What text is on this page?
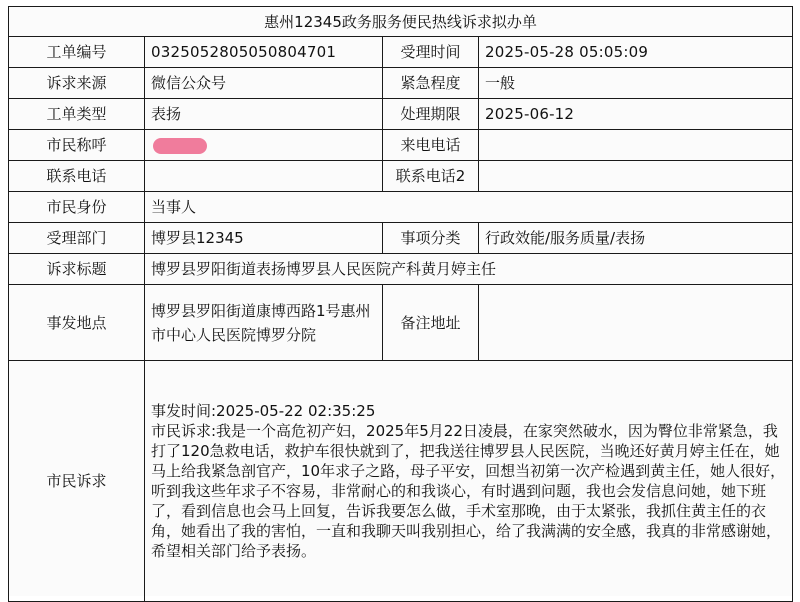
惠州12345政务服务便民热线诉求拟办单			
工单编号	0325052805050804701	受理时间	2025-05-28 05:05:09
诉求来源	微信公众号	紧急程度	一般
工单类型	表扬	处理期限	2025-06-12
市民称呼		来电电话	
联系电话		联系电话2	
市民身份	当事人		
受理部门	博罗县12345	事项分类	行政效能/服务质量/表扬
诉求标题	博罗县罗阳街道表扬博罗县人民医院产科黄月婷主任		
事发地点	博罗县罗阳街道康博西路1号惠州市中心人民医院博罗分院	备注地址	
市民诉求	事发时间:2025-05-22 02:35:25
市民诉求:我是一个高危初产妇，2025年5月22日凌晨，在家突然破水，因为臀位非常紧急，我打了120急救电话，救护车很快就到了，把我送往博罗县人民医院，当晚还好黄月婷主任在，她马上给我紧急剖官产，10年求子之路，母子平安，回想当初第一次产检遇到黄主任，她人很好，听到我这些年求子不容易，非常耐心的和我谈心，有时遇到问题，我也会发信息问她，她下班了，看到信息也会马上回复，告诉我要怎么做，手术室那晚，由于太紧张，我抓住黄主任的衣角，她看出了我的害怕，一直和我聊天叫我别担心，给了我满满的安全感，我真的非常感谢她，希望相关部门给予表扬。		
